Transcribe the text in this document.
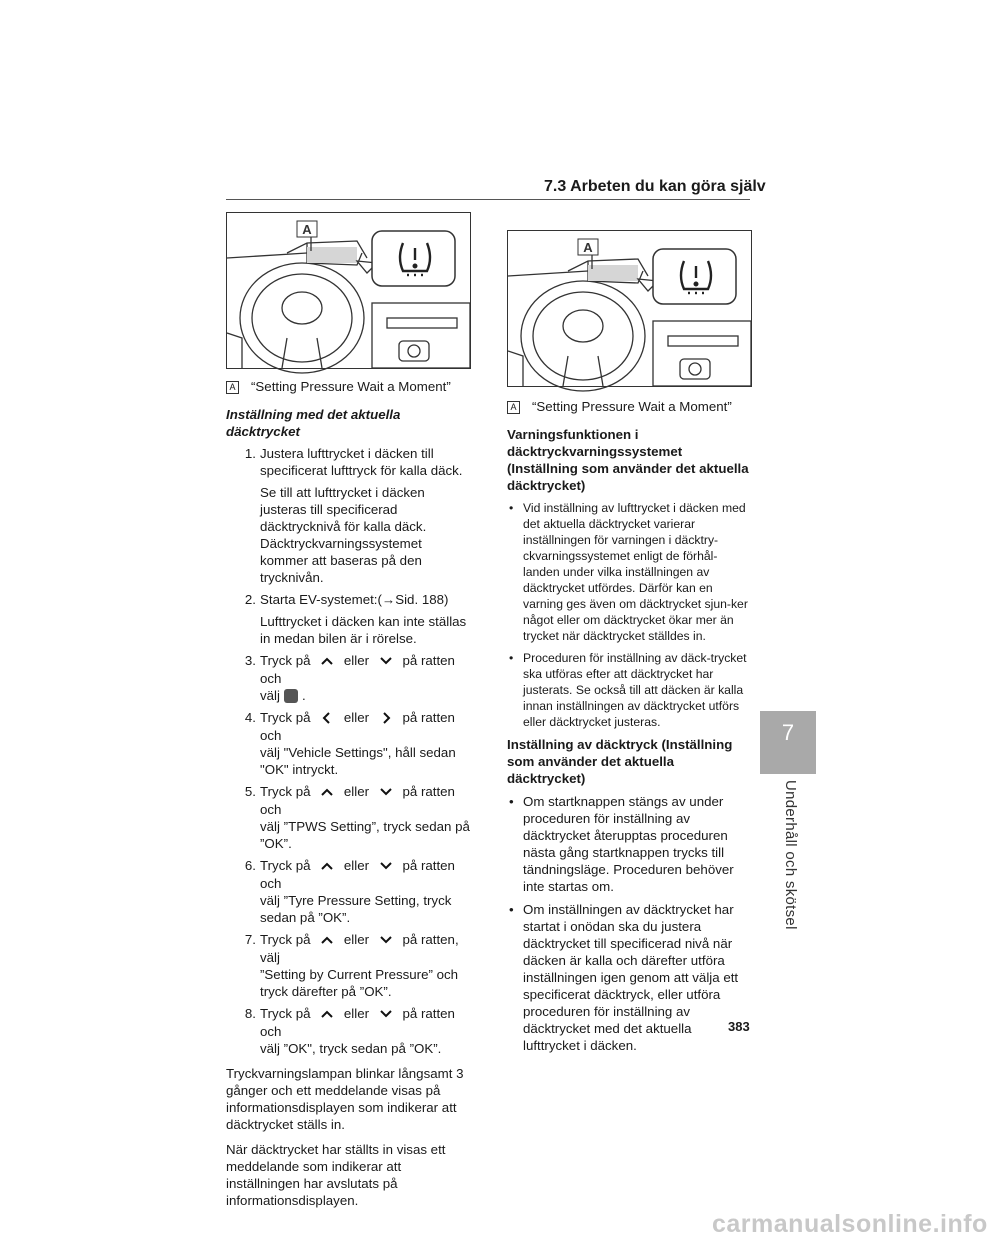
7.3 Arbeten du kan göra själv
A
A
A “Setting Pressure Wait a Moment”
Inställning med det aktuella däcktrycket
1. Justera lufttrycket i däcken till specificerat lufttryck för kalla däck.
Se till att lufttrycket i däcken justeras till specificerad däcktrycknivå för kalla däck. Däcktryckvarningssystemet kommer att baseras på den trycknivån.
2. Starta EV-systemet:(→Sid. 188)
Lufttrycket i däcken kan inte ställas in medan bilen är i rörelse.
3. Tryck på	eller	på ratten och
välj .
4. Tryck på	eller	på ratten och
välj "Vehicle Settings", håll sedan "OK" intryckt.
5. Tryck på	eller	på ratten och
välj ”TPWS Setting”, tryck sedan på ”OK”.
6. Tryck på	eller	på ratten och
välj ”Tyre Pressure Setting, tryck sedan på ”OK”.
7. Tryck på	eller	på ratten, välj
”Setting by Current Pressure” och tryck därefter på ”OK”.
8. Tryck på	eller	på ratten och
välj ”OK", tryck sedan på ”OK”.
Tryckvarningslampan blinkar långsamt 3 gånger och ett meddelande visas på informationsdisplayen som indikerar att däcktrycket ställs in.
När däcktrycket har ställts in visas ett meddelande som indikerar att inställningen har avslutats på informationsdisplayen.
A “Setting Pressure Wait a Moment”
Varningsfunktionen i däcktryckvarningssystemet (Inställning som använder det aktuella däcktrycket)
• Vid inställning av lufttrycket i däcken med det aktuella däcktrycket varierar inställningen för varningen i däcktry-ckvarningssystemet enligt de förhål-landen under vilka inställningen av däcktrycket utfördes. Därför kan en varning ges även om däcktrycket sjun-ker något eller om däcktrycket ökar mer än trycket när däcktrycket ställdes in.
• Proceduren för inställning av däck-trycket ska utföras efter att däcktrycket har justerats. Se också till att däcken är kalla innan inställningen av däcktrycket utförs eller däcktrycket justeras.
Inställning av däcktryck (Inställning som använder det aktuella däcktrycket)
• Om startknappen stängs av under proceduren för inställning av däcktrycket återupptas proceduren nästa gång startknappen trycks till tändningsläge. Proceduren behöver inte startas om.
• Om inställningen av däcktrycket har startat i onödan ska du justera däcktrycket till specificerad nivå när däcken är kalla och därefter utföra inställningen igen genom att välja ett specificerat däcktryck, eller utföra proceduren för inställning av däcktrycket med det aktuella lufttrycket i däcken.
7
Underhåll och skötsel
383
carmanualsonline.info
